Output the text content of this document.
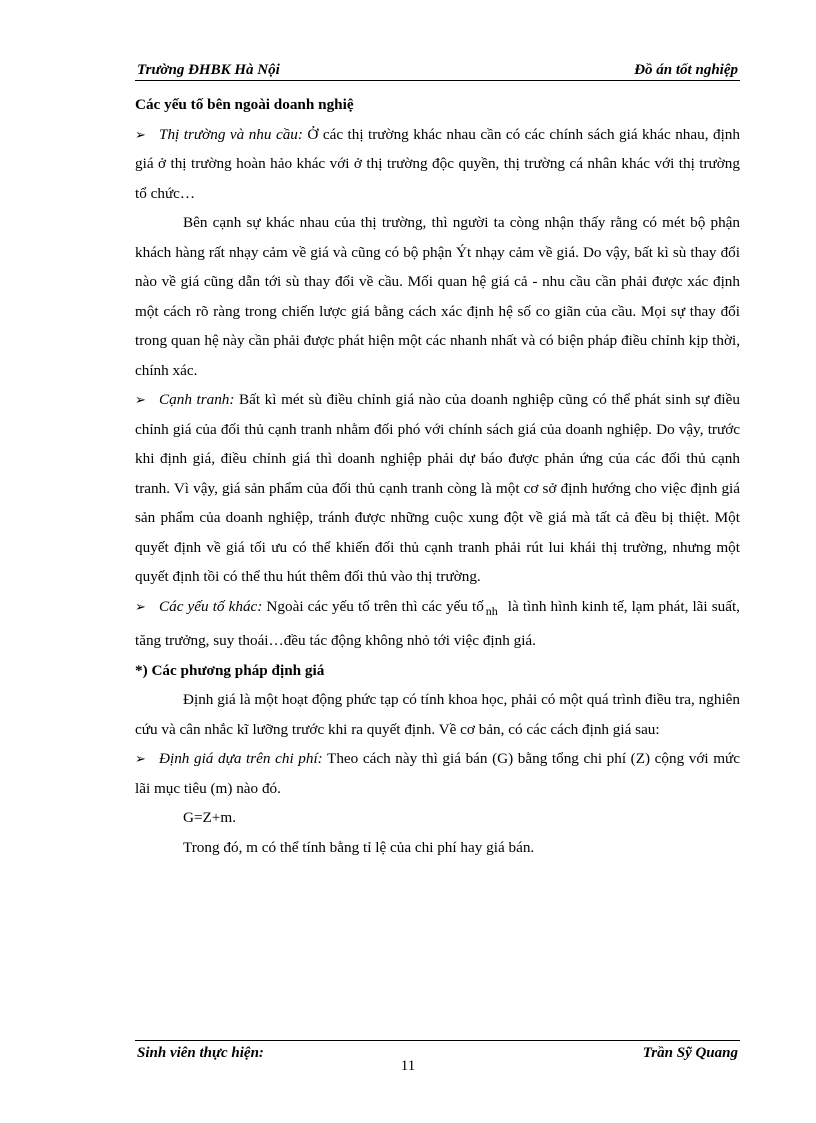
Trường ĐHBK Hà Nội	Đồ án tốt nghiệp

Các yếu tố bên ngoài doanh nghiệ

➢ Thị trường và nhu cầu: Ở các thị trường khác nhau cần có các chính sách giá khác nhau, định giá ở thị trường hoàn hảo khác với ở thị trường độc quyền, thị trường cá nhân khác với thị trường tổ chức…

Bên cạnh sự khác nhau của thị trường, thì người ta còng nhận thấy rằng có mét bộ phận khách hàng rất nhạy cảm về giá và cũng có bộ phận Ýt nhạy cảm về giá. Do vậy, bất kì sù thay đổi nào về giá cũng dẫn tới sù thay đổi về cầu. Mối quan hệ giá cả - nhu cầu cần phải được xác định một cách rõ ràng trong chiến lược giá bằng cách xác định hệ số co giãn của cầu. Mọi sự thay đổi trong quan hệ này cần phải được phát hiện một các nhanh nhất và có biện pháp điều chỉnh kịp thời, chính xác.

➢ Cạnh tranh: Bất kì mét sù điều chỉnh giá nào của doanh nghiệp cũng có thể phát sinh sự điều chỉnh giá của đối thủ cạnh tranh nhằm đối phó với chính sách giá của doanh nghiệp. Do vậy, trước khi định giá, điều chỉnh giá thì doanh nghiệp phải dự báo được phản ứng của các đối thủ cạnh tranh. Vì vậy, giá sản phẩm của đối thủ cạnh tranh còng là một cơ sở định hướng cho việc định giá sản phẩm của doanh nghiệp, tránh được những cuộc xung đột về giá mà tất cả đều bị thiệt. Một quyết định về giá tối ưu có thể khiến đối thủ cạnh tranh phải rút lui khái thị trường, nhưng một quyết định tồi có thể thu hút thêm đối thủ vào thị trường.

➢ Các yếu tố khác: Ngoài các yếu tố trên thì các yếu tố $_{nh}$ là tình hình kinh tế, lạm phát, lãi suất, tăng trưởng, suy thoái…đều tác động không nhỏ tới việc định giá.

*) Các phương pháp định giá

Định giá là một hoạt động phức tạp có tính khoa học, phải có một quá trình điều tra, nghiên cứu và cân nhắc kĩ lưỡng trước khi ra quyết định. Về cơ bản, có các cách định giá sau:

➢ Định giá dựa trên chi phí: Theo cách này thì giá bán (G) bằng tổng chi phí (Z) cộng với mức lãi mục tiêu (m) nào đó.

G=Z+m.

Trong đó, m có thể tính bằng tỉ lệ của chi phí hay giá bán.

Sinh viên thực hiện:	Trần Sỹ Quang
11
